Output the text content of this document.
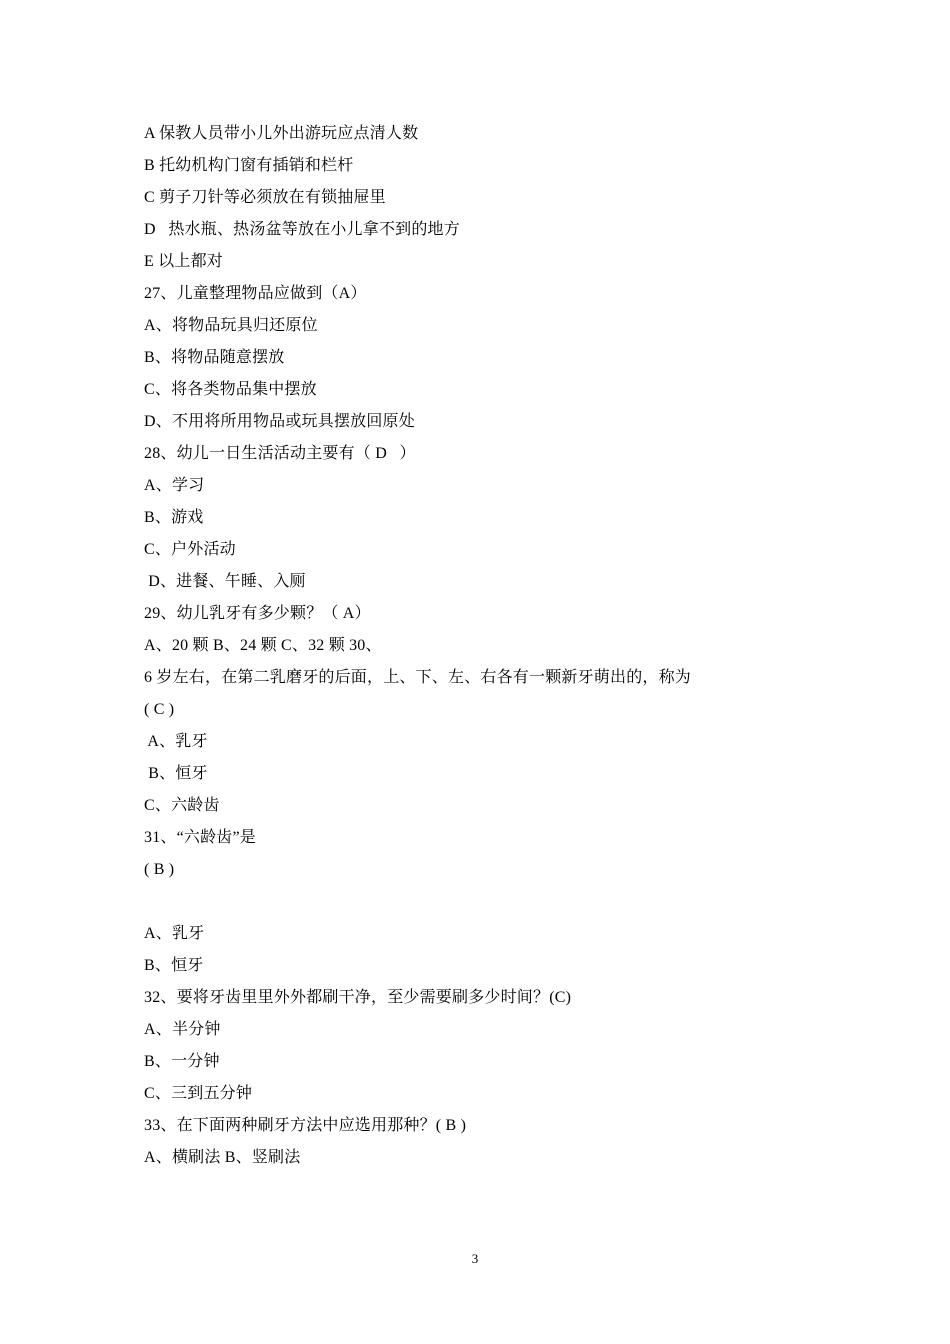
A 保教人员带小儿外出游玩应点清人数
B 托幼机构门窗有插销和栏杆
C 剪子刀针等必须放在有锁抽屉里
D   热水瓶、热汤盆等放在小儿拿不到的地方
E 以上都对
27、儿童整理物品应做到（A）
A、将物品玩具归还原位
B、将物品随意摆放
C、将各类物品集中摆放
D、不用将所用物品或玩具摆放回原处
28、幼儿一日生活活动主要有（ D   ）
A、学习
B、游戏
C、户外活动
D、进餐、午睡、入厕
29、幼儿乳牙有多少颗？（ A）
A、20 颗 B、24 颗 C、32 颗 30、
6 岁左右，在第二乳磨牙的后面，上、下、左、右各有一颗新牙萌出的，称为
( C )
A、乳牙
B、恒牙
C、六龄齿
31、“六龄齿”是
( B )
A、乳牙
B、恒牙
32、要将牙齿里里外外都刷干净，至少需要刷多少时间？(C)
A、半分钟
B、一分钟
C、三到五分钟
33、在下面两种刷牙方法中应选用那种？( B )
A、横刷法 B、竖刷法
3
